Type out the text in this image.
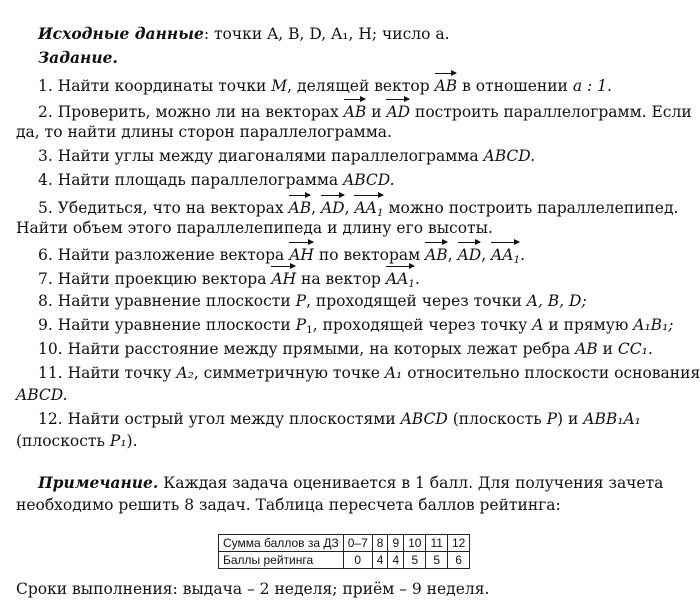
Исходные данные: точки A, B, D, A₁, H; число a.
Задание.
1. Найти координаты точки M, делящей вектор AB в отношении a : 1.
2. Проверить, можно ли на векторах AB и AD построить параллелограмм. Если
да, то найти длины сторон параллелограмма.
3. Найти углы между диагоналями параллелограмма ABCD.
4. Найти площадь параллелограмма ABCD.
5. Убедиться, что на векторах AB, AD, $AA_1$ можно построить параллелепипед.
Найти объем этого параллелепипеда и длину его высоты.
6. Найти разложение вектора AH по векторам AB, AD, $AA_1$.
7. Найти проекцию вектора AH на вектор $AA_1$.
8. Найти уравнение плоскости P, проходящей через точки A, B, D;
9. Найти уравнение плоскости $P_1$, проходящей через точку A и прямую A₁B₁;
10. Найти расстояние между прямыми, на которых лежат ребра AB и CC₁.
11. Найти точку A₂, симметричную точке A₁ относительно плоскости основания
ABCD.
12. Найти острый угол между плоскостями ABCD (плоскость P) и ABB₁A₁
(плоскость P₁).
Примечание. Каждая задача оценивается в 1 балл. Для получения зачета
необходимо решить 8 задач. Таблица пересчета баллов рейтинга:
Сумма баллов за ДЗ	0–7	8	9	10	11	12
Баллы рейтинга	0	4	4	5	5	6
Сроки выполнения: выдача – 2 неделя; приём – 9 неделя.
